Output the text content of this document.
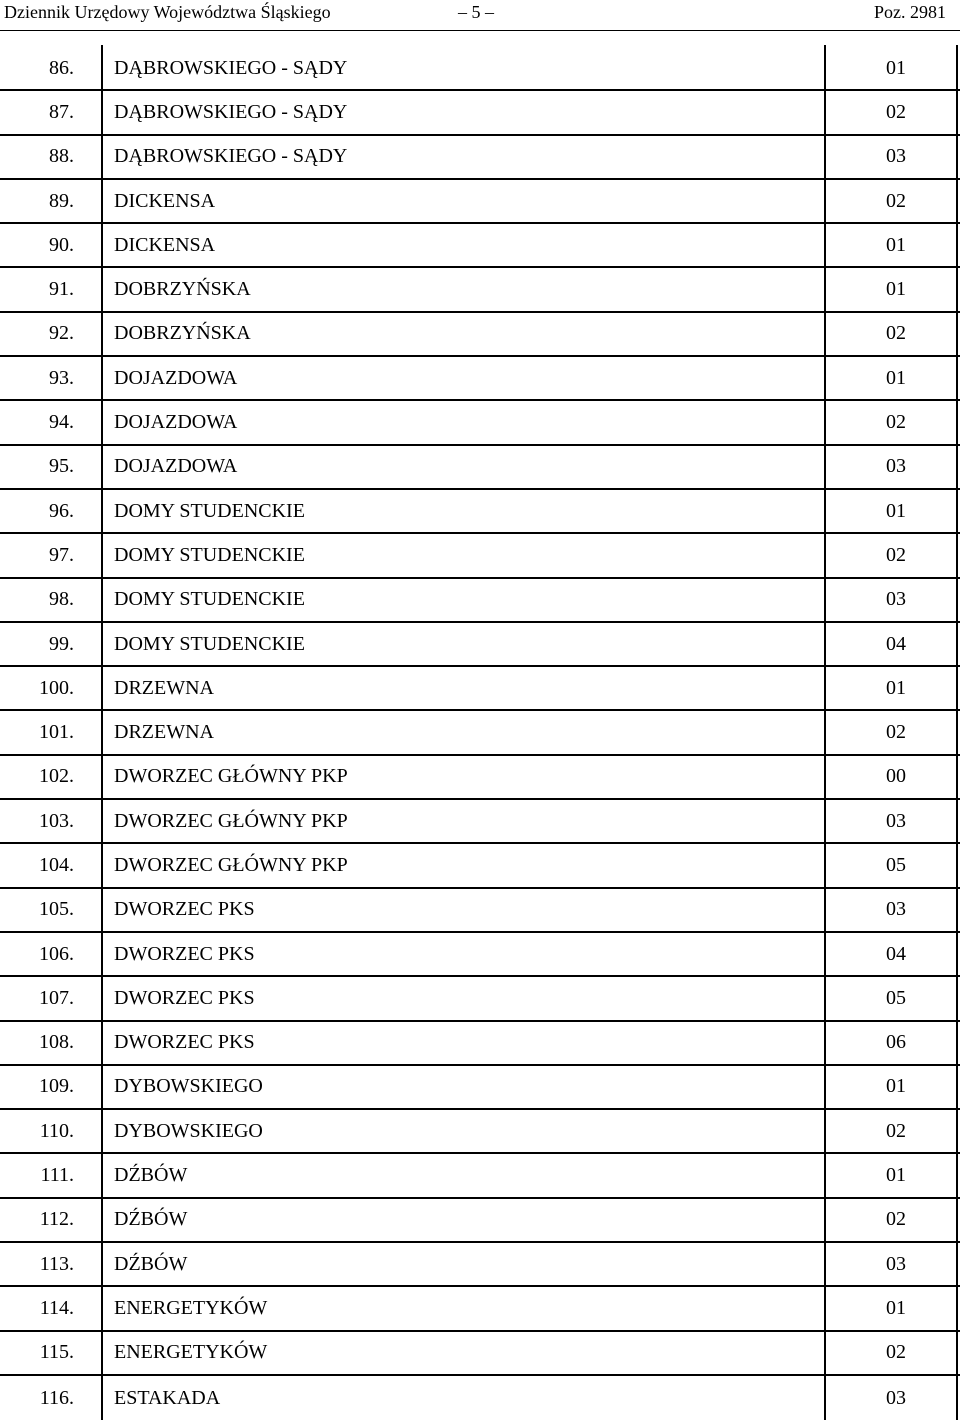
Dziennik Urzędowy Województwa Śląskiego	– 5 –	Poz. 2981
86.	DĄBROWSKIEGO - SĄDY	01
87.	DĄBROWSKIEGO - SĄDY	02
88.	DĄBROWSKIEGO - SĄDY	03
89.	DICKENSA	02
90.	DICKENSA	01
91.	DOBRZYŃSKA	01
92.	DOBRZYŃSKA	02
93.	DOJAZDOWA	01
94.	DOJAZDOWA	02
95.	DOJAZDOWA	03
96.	DOMY STUDENCKIE	01
97.	DOMY STUDENCKIE	02
98.	DOMY STUDENCKIE	03
99.	DOMY STUDENCKIE	04
100.	DRZEWNA	01
101.	DRZEWNA	02
102.	DWORZEC GŁÓWNY PKP	00
103.	DWORZEC GŁÓWNY PKP	03
104.	DWORZEC GŁÓWNY PKP	05
105.	DWORZEC PKS	03
106.	DWORZEC PKS	04
107.	DWORZEC PKS	05
108.	DWORZEC PKS	06
109.	DYBOWSKIEGO	01
110.	DYBOWSKIEGO	02
111.	DŹBÓW	01
112.	DŹBÓW	02
113.	DŹBÓW	03
114.	ENERGETYKÓW	01
115.	ENERGETYKÓW	02
116.	ESTAKADA	03
